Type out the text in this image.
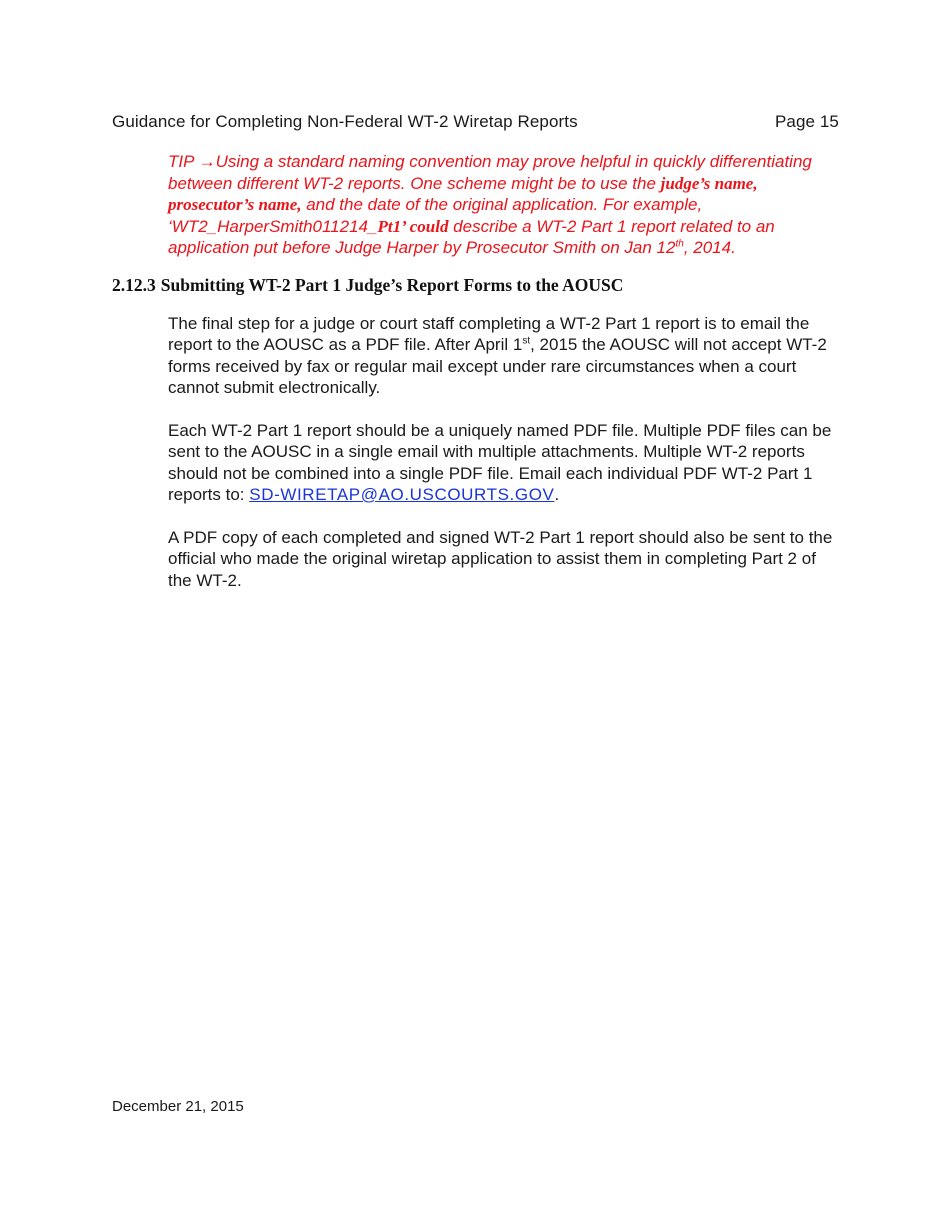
Guidance for Completing Non-Federal WT-2 Wiretap Reports	Page 15
TIP →Using a standard naming convention may prove helpful in quickly differentiating between different WT-2 reports. One scheme might be to use the judge’s name, prosecutor’s name, and the date of the original application. For example, ‘WT2_HarperSmith011214_Pt1’ could describe a WT-2 Part 1 report related to an application put before Judge Harper by Prosecutor Smith on Jan 12th, 2014.
2.12.3 Submitting WT-2 Part 1 Judge’s Report Forms to the AOUSC
The final step for a judge or court staff completing a WT-2 Part 1 report is to email the report to the AOUSC as a PDF file. After April 1st, 2015 the AOUSC will not accept WT-2 forms received by fax or regular mail except under rare circumstances when a court cannot submit electronically.
Each WT-2 Part 1 report should be a uniquely named PDF file. Multiple PDF files can be sent to the AOUSC in a single email with multiple attachments. Multiple WT-2 reports should not be combined into a single PDF file. Email each individual PDF WT-2 Part 1 reports to: SD-WIRETAP@AO.USCOURTS.GOV.
A PDF copy of each completed and signed WT-2 Part 1 report should also be sent to the official who made the original wiretap application to assist them in completing Part 2 of the WT-2.
December 21, 2015
